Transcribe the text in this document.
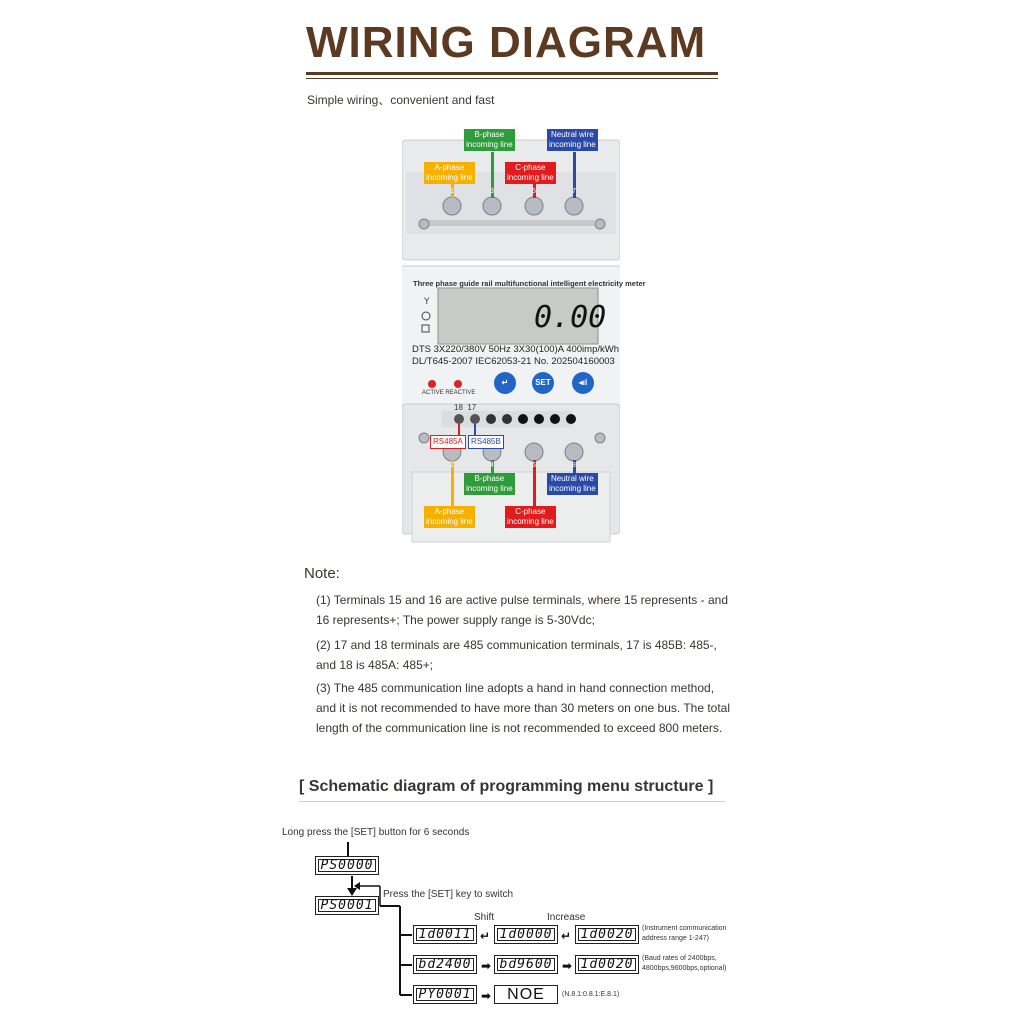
WIRING DIAGRAM
Simple wiring、convenient and fast
Y
B-phase
incoming line
Neutral wire
incoming line
A-phase
incoming line
C-phase
incoming line
1	3	5	7
Three phase guide rail multifunctional intelligent electricity meter
0.00
DTS 3X220/380V 50Hz 3X30(100)A 400imp/kWh
DL/T645-2007 IEC62053-21 No. 202504160003
↵	SET	◂ıl
ACTIVE REACTIVE
18  17
RS485A	RS485B
2	4	6	8
B-phase
incoming line
Neutral wire
incoming line
A-phase
incoming line
C-phase
incoming line
Note:
(1) Terminals 15 and 16 are active pulse terminals, where 15 represents - and 16 represents+; The power supply range is 5-30Vdc;
(2) 17 and 18 terminals are 485 communication terminals, 17 is 485B: 485-, and 18 is 485A: 485+;
(3) The 485 communication line adopts a hand in hand connection method, and it is not recommended to have more than 30 meters on one bus. The total length of the communication line is not recommended to exceed 800 meters.
[ Schematic diagram of programming menu structure ]
Long press the [SET] button for 6 seconds
↵	↵
➡	➡
➡
PS0000
PS0001
Press the [SET] key to switch
Shift	Increase
1d0011	1d0000	1d0020	(Instrument communication
address range 1-247)
bd2400	bd9600	1d0020	(Baud rates of 2400bps,
4800bps,9600bps,optional)
PY0001	NOE	(N.8.1:0.8.1:E.8.1)
